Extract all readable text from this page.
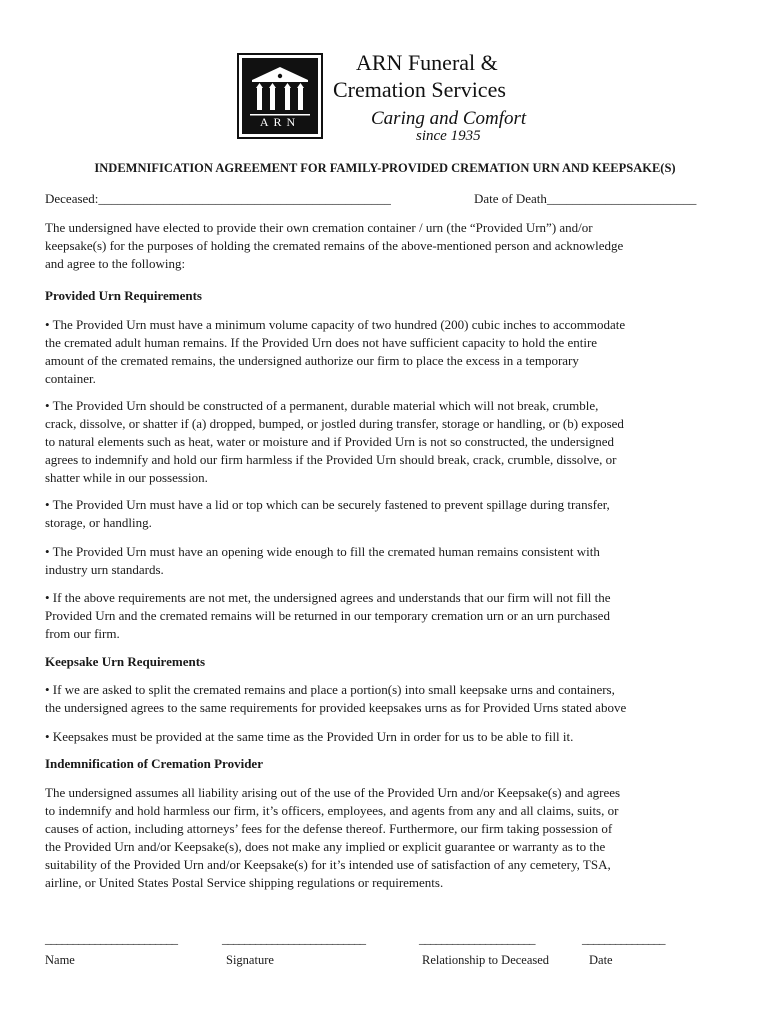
ARN
ARN Funeral &
Cremation Services
Caring and Comfort
since 1935
INDEMNIFICATION AGREEMENT FOR FAMILY-PROVIDED CREMATION URN AND KEEPSAKE(S)
Deceased:_____________________________________________	Date of Death_______________________
The undersigned have elected to provide their own cremation container / urn (the “Provided Urn”) and/or
keepsake(s) for the purposes of holding the cremated remains of the above-mentioned person and acknowledge
and agree to the following:
Provided Urn Requirements
• The Provided Urn must have a minimum volume capacity of two hundred (200) cubic inches to accommodate
the cremated adult human remains. If the Provided Urn does not have sufficient capacity to hold the entire
amount of the cremated remains, the undersigned authorize our firm to place the excess in a temporary
container.
• The Provided Urn should be constructed of a permanent, durable material which will not break, crumble,
crack, dissolve, or shatter if (a) dropped, bumped, or jostled during transfer, storage or handling, or (b) exposed
to natural elements such as heat, water or moisture and if Provided Urn is not so constructed, the undersigned
agrees to indemnify and hold our firm harmless if the Provided Urn should break, crack, crumble, dissolve, or
shatter while in our possession.
• The Provided Urn must have a lid or top which can be securely fastened to prevent spillage during transfer,
storage, or handling.
• The Provided Urn must have an opening wide enough to fill the cremated human remains consistent with
industry urn standards.
• If the above requirements are not met, the undersigned agrees and understands that our firm will not fill the
Provided Urn and the cremated remains will be returned in our temporary cremation urn or an urn purchased
from our firm.
Keepsake Urn Requirements
• If we are asked to split the cremated remains and place a portion(s) into small keepsake urns and containers,
the undersigned agrees to the same requirements for provided keepsakes urns as for Provided Urns stated above
• Keepsakes must be provided at the same time as the Provided Urn in order for us to be able to fill it.
Indemnification of Cremation Provider
The undersigned assumes all liability arising out of the use of the Provided Urn and/or Keepsake(s) and agrees
to indemnify and hold harmless our firm, it’s officers, employees, and agents from any and all claims, suits, or
causes of action, including attorneys’ fees for the defense thereof. Furthermore, our firm taking possession of
the Provided Urn and/or Keepsake(s), does not make any implied or explicit guarantee or warranty as to the
suitability of the Provided Urn and/or Keepsake(s) for it’s intended use of satisfaction of any cemetery, TSA,
airline, or United States Postal Service shipping regulations or requirements.
________________________	__________________________	_____________________	_______________
Name	Signature	Relationship to Deceased	Date
